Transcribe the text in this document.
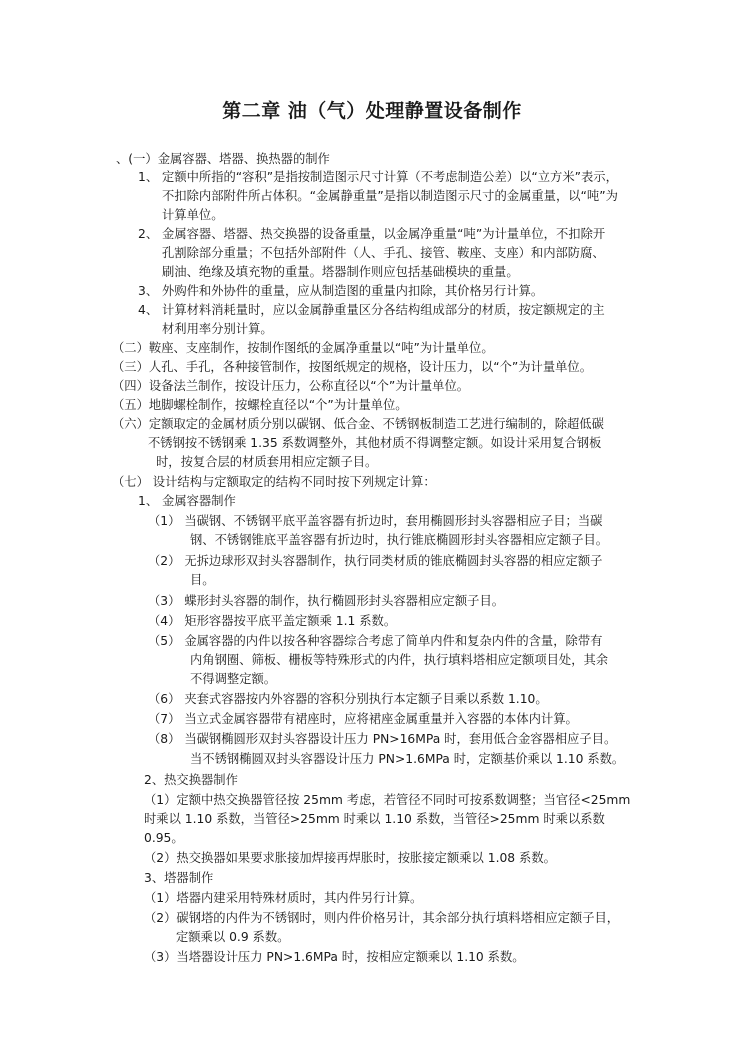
第二章 油（气）处理静置设备制作
、(一）金属容器、塔器、换热器的制作
1、 定额中所指的“容积”是指按制造图示尺寸计算（不考虑制造公差）以“立方米”表示，
不扣除内部附件所占体积。“金属静重量”是指以制造图示尺寸的金属重量，以“吨”为
计算单位。
2、 金属容器、塔器、热交换器的设备重量，以金属净重量“吨”为计量单位，不扣除开
孔割除部分重量；不包括外部附件（人、手孔、接管、鞍座、支座）和内部防腐、
刷油、绝缘及填充物的重量。塔器制作则应包括基础模块的重量。
3、 外购件和外协件的重量，应从制造图的重量内扣除，其价格另行计算。
4、 计算材料消耗量时，应以金属静重量区分各结构组成部分的材质，按定额规定的主
材利用率分别计算。
（二）鞍座、支座制作，按制作图纸的金属净重量以“吨”为计量单位。
（三）人孔、手孔，各种接管制作，按图纸规定的规格，设计压力，以“个”为计量单位。
（四）设备法兰制作，按设计压力，公称直径以“个”为计量单位。
（五）地脚螺栓制作，按螺栓直径以“个”为计量单位。
（六）定额取定的金属材质分别以碳钢、低合金、不锈钢板制造工艺进行编制的，除超低碳
不锈钢按不锈钢乘 1.35 系数调整外，其他材质不得调整定额。如设计采用复合钢板
时，按复合层的材质套用相应定额子目。
（七） 设计结构与定额取定的结构不同时按下列规定计算：
1、 金属容器制作
（1） 当碳钢、不锈钢平底平盖容器有折边时，套用椭圆形封头容器相应子目；当碳
钢、不锈钢锥底平盖容器有折边时，执行锥底椭圆形封头容器相应定额子目。
（2） 无拆边球形双封头容器制作，执行同类材质的锥底椭圆封头容器的相应定额子
目。
（3） 蝶形封头容器的制作，执行椭圆形封头容器相应定额子目。
（4） 矩形容器按平底平盖定额乘 1.1 系数。
（5） 金属容器的内件以按各种容器综合考虑了简单内件和复杂内件的含量，除带有
内角钢圈、筛板、栅板等特殊形式的内件，执行填料塔相应定额项目处，其余
不得调整定额。
（6） 夹套式容器按内外容器的容积分别执行本定额子目乘以系数 1.10。
（7） 当立式金属容器带有裙座时，应将裙座金属重量并入容器的本体内计算。
（8） 当碳钢椭圆形双封头容器设计压力 PN>16MPa 时，套用低合金容器相应子目。
当不锈钢椭圆双封头容器设计压力 PN>1.6MPa 时，定额基价乘以 1.10 系数。
2、热交换器制作
（1）定额中热交换器管径按 25mm 考虑，若管径不同时可按系数调整；当官径<25mm
时乘以 1.10 系数，当管径>25mm 时乘以 1.10 系数，当管径>25mm 时乘以系数
0.95。
（2）热交换器如果要求胀接加焊接再焊胀时，按胀接定额乘以 1.08 系数。
3、塔器制作
（1）塔器内建采用特殊材质时，其内件另行计算。
（2）碳钢塔的内件为不锈钢时，则内件价格另计，其余部分执行填料塔相应定额子目，
定额乘以 0.9 系数。
（3）当塔器设计压力 PN>1.6MPa 时，按相应定额乘以 1.10 系数。
